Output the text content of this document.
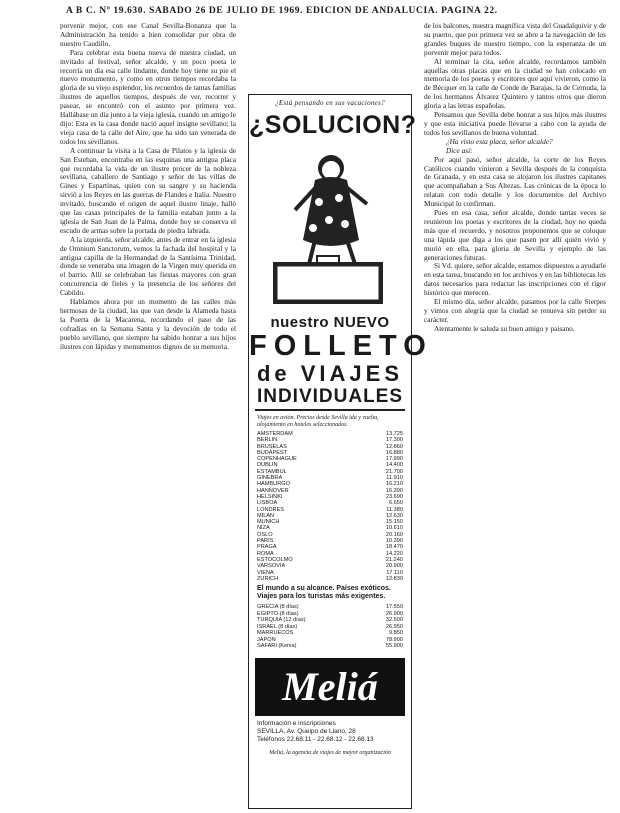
A B C. Nº 19.630. SABADO 26 DE JULIO DE 1969. EDICION DE ANDALUCIA. PAGINA 22.

porvenir mejor, con ese Canal Sevilla-Bonanza que la Administración ha tenido a bien consolidar por obra de nuestro Caudillo.

Para celebrar esta buena nueva de nuestra ciudad, un invitado al festival, señor alcalde, y un poco poeta le recorría un día esa calle lindante, donde hoy tiene su pie el nuevo monumento, y como en otros tiempos recordaba la gloria de su viejo esplendor, los recuerdos de tantas familias ilustres de aquellos tiempos, después de ver, recorrer y pasear, se encontró con el asunto por primera vez. Hallábase un día junto a la vieja iglesia, cuando un amigo le dijo: Esta es la casa donde nació aquel insigne sevillano; la vieja casa de la calle del Aire, que ha sido tan venerada de todos los sevillanos.

A continuar la visita a la Casa de Pilatos y la iglesia de San Esteban, encontraba en las esquinas una antigua placa que recordaba la vida de un ilustre prócer de la nobleza sevillana, caballero de Santiago y señor de las villas de Gines y Espartinas, quien con su sangre y su hacienda sirvió a los Reyes en las guerras de Flandes e Italia. Nuestro invitado, buscando el origen de aquel ilustre linaje, halló que las casas principales de la familia estaban junto a la iglesia de San Juan de la Palma, donde hoy se conserva el escudo de armas sobre la portada de piedra labrada.

A la izquierda, señor alcalde, antes de entrar en la iglesia de Omnium Sanctorum, vemos la fachada del hospital y la antigua capilla de la Hermandad de la Santísima Trinidad, donde se veneraba una imagen de la Virgen muy querida en el barrio. Allí se celebraban las fiestas mayores con gran concurrencia de fieles y la presencia de los señores del Cabildo.

Hablamos ahora por un momento de las calles más hermosas de la ciudad, las que van desde la Alameda hasta la Puerta de la Macarena, recordando el paso de las cofradías en la Semana Santa y la devoción de todo el pueblo sevillano, que siempre ha sabido honrar a sus hijos ilustres con lápidas y monumentos dignos de su memoria.

¿Está pensando en sus vacaciones?
¿SOLUCION?
nuestro NUEVO
FOLLETO
de VIAJES
INDIVIDUALES
Viajes en avión. Precios desde Sevilla ida y vuelta, alojamiento en hoteles seleccionados.
AMSTERDAM	13.725
BERLIN	17.300
BRUSELAS	12.860
BUDAPEST	16.880
COPENHAGUE	17.990
DUBLIN	14.400
ESTAMBUL	21.700
GINEBRA	11.910
HAMBURGO	16.210
HANNOVER	16.390
HELSINKI	23.690
LISBOA	6.650
LONDRES	11.380
MILAN	12.630
MUNICH	15.150
NIZA	10.610
OSLO	20.160
PARIS	10.390
PRAGA	18.470
ROMA	14.220
ESTOCOLMO	21.240
VARSOVIA	20.900
VIENA	17.110
ZURICH	12.830
El mundo a su alcance. Países exóticos. Viajes para los turistas más exigentes.
GRECIA (8 días)	17.550
EGIPTO (8 días)	26.900
TURQUIA (12 días)	32.500
ISRAEL (8 días)	26.950
MARRUECOS	9.850
JAPON	78.900
SAFARI (Kenia)	55.900
Meliá
Información e inscripciones
SEVILLA, Av. Queipo de Llano, 28
Teléfonos 22.68.11 - 22.68.12 - 22.68.13
Meliá, la agencia de viajes de mayor organización

de los balcones, nuestra magnífica vista del Guadalquivir y de su puerto, que por primera vez se abre a la navegación de los grandes buques de nuestro tiempo, con la esperanza de un porvenir mejor para todos.

Al terminar la cita, señor alcalde, recordamos también aquellas otras placas que en la ciudad se han colocado en memoria de los poetas y escritores que aquí vivieron, como la de Bécquer en la calle de Conde de Barajas, la de Cernuda, la de los hermanos Álvarez Quintero y tantos otros que dieron gloria a las letras españolas.

Pensamos que Sevilla debe honrar a sus hijos más ilustres y que esta iniciativa puede llevarse a cabo con la ayuda de todos los sevillanos de buena voluntad.

¿Ha visto esta placa, señor alcalde?

Dice así:

Por aquí pasó, señor alcalde, la corte de los Reyes Católicos cuando vinieron a Sevilla después de la conquista de Granada, y en esta casa se alojaron los ilustres capitanes que acompañaban a Sus Altezas. Las crónicas de la época lo relatan con todo detalle y los documentos del Archivo Municipal lo confirman.

Pues en esa casa, señor alcalde, donde tantas veces se reunieron los poetas y escritores de la ciudad, hoy no queda más que el recuerdo, y nosotros proponemos que se coloque una lápida que diga a los que pasen por allí quién vivió y murió en ella, para gloria de Sevilla y ejemplo de las generaciones futuras.

Si Vd. quiere, señor alcalde, estamos dispuestos a ayudarle en esta tarea, buscando en los archivos y en las bibliotecas los datos necesarios para redactar las inscripciones con el rigor histórico que merecen.

El mismo día, señor alcalde, pasamos por la calle Sierpes y vimos con alegría que la ciudad se renueva sin perder su carácter.

Atentamente le saluda su buen amigo y paisano.
